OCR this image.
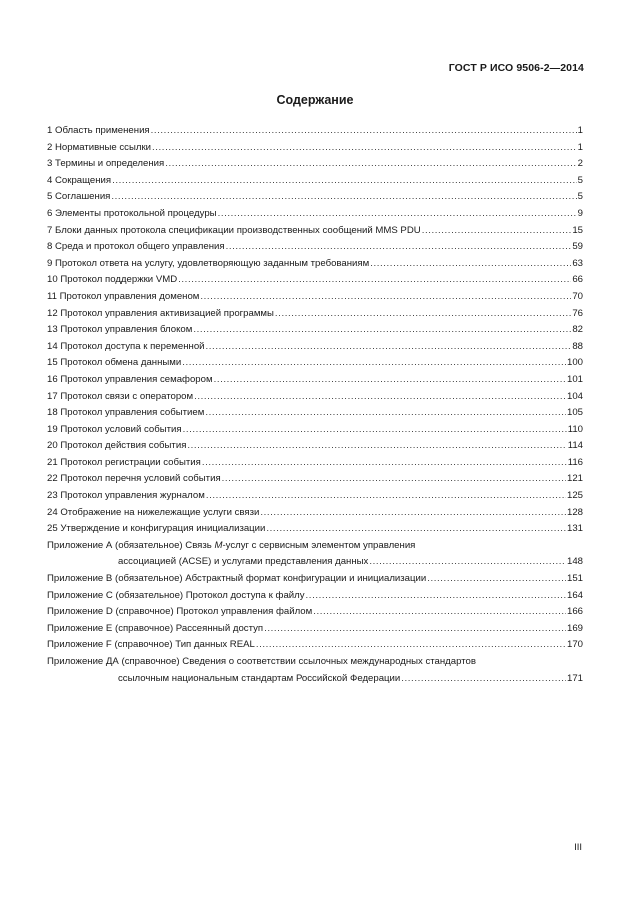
ГОСТ Р ИСО 9506-2—2014
Содержание
1 Область применения .....	1
2 Нормативные ссылки .....	1
3 Термины и определения .....	2
4 Сокращения .....	5
5 Соглашения .....	5
6 Элементы протокольной процедуры .....	9
7 Блоки данных протокола спецификации производственных сообщений MMS PDU .....	15
8 Среда и протокол общего управления .....	59
9 Протокол ответа на услугу, удовлетворяющую заданным требованиям .....	63
10 Протокол поддержки VMD .....	66
11 Протокол управления доменом .....	70
12 Протокол управления активизацией программы .....	76
13 Протокол управления блоком .....	82
14 Протокол доступа к переменной .....	88
15 Протокол обмена данными .....	100
16 Протокол управления семафором .....	101
17 Протокол связи с оператором .....	104
18 Протокол управления событием .....	105
19 Протокол условий события .....	110
20 Протокол действия события .....	114
21 Протокол регистрации события .....	116
22 Протокол перечня условий события .....	121
23 Протокол управления журналом .....	125
24 Отображение на нижележащие услуги связи .....	128
25 Утверждение и конфигурация инициализации .....	131
Приложение А (обязательное) Связь М-услуг с сервисным элементом управления
ассоциацией (ACSE) и услугами представления данных .....	148
Приложение В (обязательное) Абстрактный формат конфигурации и инициализации .....	151
Приложение С (обязательное) Протокол доступа к файлу .....	164
Приложение D (справочное) Протокол управления файлом .....	166
Приложение Е (справочное) Рассеянный доступ .....	169
Приложение F (справочное) Тип данных REAL .....	170
Приложение ДА (справочное) Сведения о соответствии ссылочных международных стандартов
ссылочным национальным стандартам Российской Федерации .....	171
III
